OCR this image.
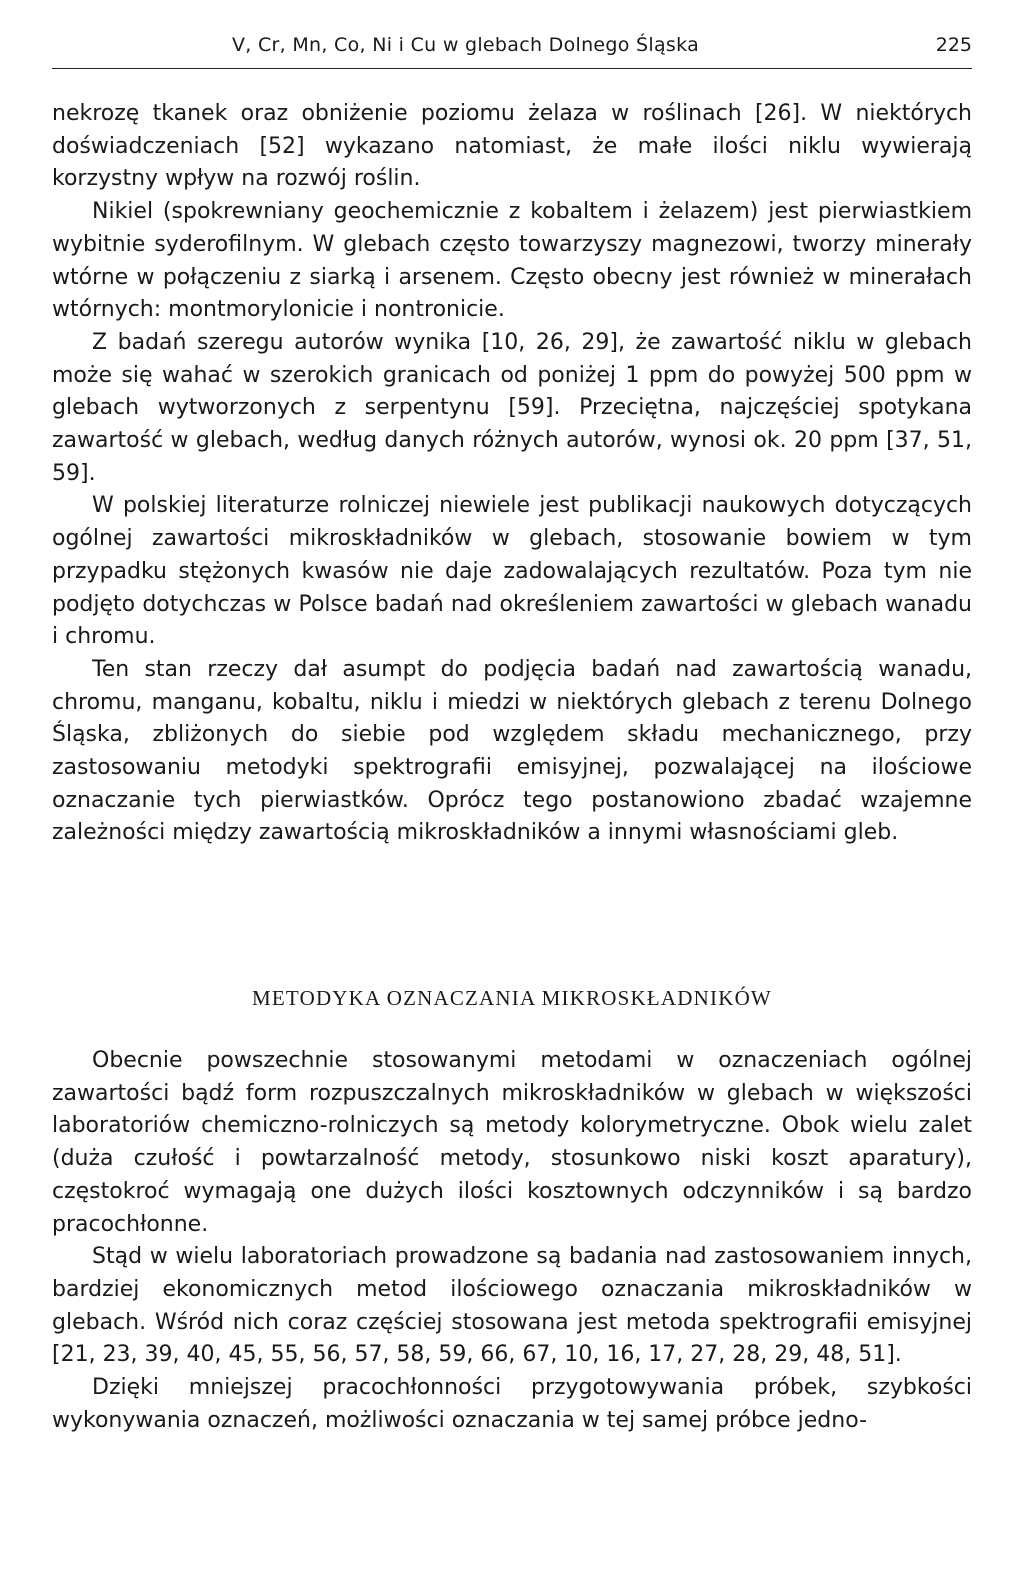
V, Cr, Mn, Co, Ni i Cu w glebach Dolnego Śląska	225

nekrozę tkanek oraz obniżenie poziomu żelaza w roślinach [26]. W niektórych doświadczeniach [52] wykazano natomiast, że małe ilości niklu wywierają korzystny wpływ na rozwój roślin.

Nikiel (spokrewniany geochemicznie z kobaltem i żelazem) jest pierwiastkiem wybitnie syderofilnym. W glebach często towarzyszy magnezowi, tworzy minerały wtórne w połączeniu z siarką i arsenem. Często obecny jest również w minerałach wtórnych: montmorylonicie i nontronicie.

Z badań szeregu autorów wynika [10, 26, 29], że zawartość niklu w glebach może się wahać w szerokich granicach od poniżej 1 ppm do powyżej 500 ppm w glebach wytworzonych z serpentynu [59]. Przeciętna, najczęściej spotykana zawartość w glebach, według danych różnych autorów, wynosi ok. 20 ppm [37, 51, 59].

W polskiej literaturze rolniczej niewiele jest publikacji naukowych dotyczących ogólnej zawartości mikroskładników w glebach, stosowanie bowiem w tym przypadku stężonych kwasów nie daje zadowalających rezultatów. Poza tym nie podjęto dotychczas w Polsce badań nad określeniem zawartości w glebach wanadu i chromu.

Ten stan rzeczy dał asumpt do podjęcia badań nad zawartością wanadu, chromu, manganu, kobaltu, niklu i miedzi w niektórych glebach z terenu Dolnego Śląska, zbliżonych do siebie pod względem składu mechanicznego, przy zastosowaniu metodyki spektrografii emisyjnej, pozwalającej na ilościowe oznaczanie tych pierwiastków. Oprócz tego postanowiono zbadać wzajemne zależności między zawartością mikroskładników a innymi własnościami gleb.

METODYKA OZNACZANIA MIKROSKŁADNIKÓW

Obecnie powszechnie stosowanymi metodami w oznaczeniach ogólnej zawartości bądź form rozpuszczalnych mikroskładników w glebach w większości laboratoriów chemiczno-rolniczych są metody kolorymetryczne. Obok wielu zalet (duża czułość i powtarzalność metody, stosunkowo niski koszt aparatury), częstokroć wymagają one dużych ilości kosztownych odczynników i są bardzo pracochłonne.

Stąd w wielu laboratoriach prowadzone są badania nad zastosowaniem innych, bardziej ekonomicznych metod ilościowego oznaczania mikroskładników w glebach. Wśród nich coraz częściej stosowana jest metoda spektrografii emisyjnej [21, 23, 39, 40, 45, 55, 56, 57, 58, 59, 66, 67, 10, 16, 17, 27, 28, 29, 48, 51].

Dzięki mniejszej pracochłonności przygotowywania próbek, szybkości wykonywania oznaczeń, możliwości oznaczania w tej samej próbce jedno-
